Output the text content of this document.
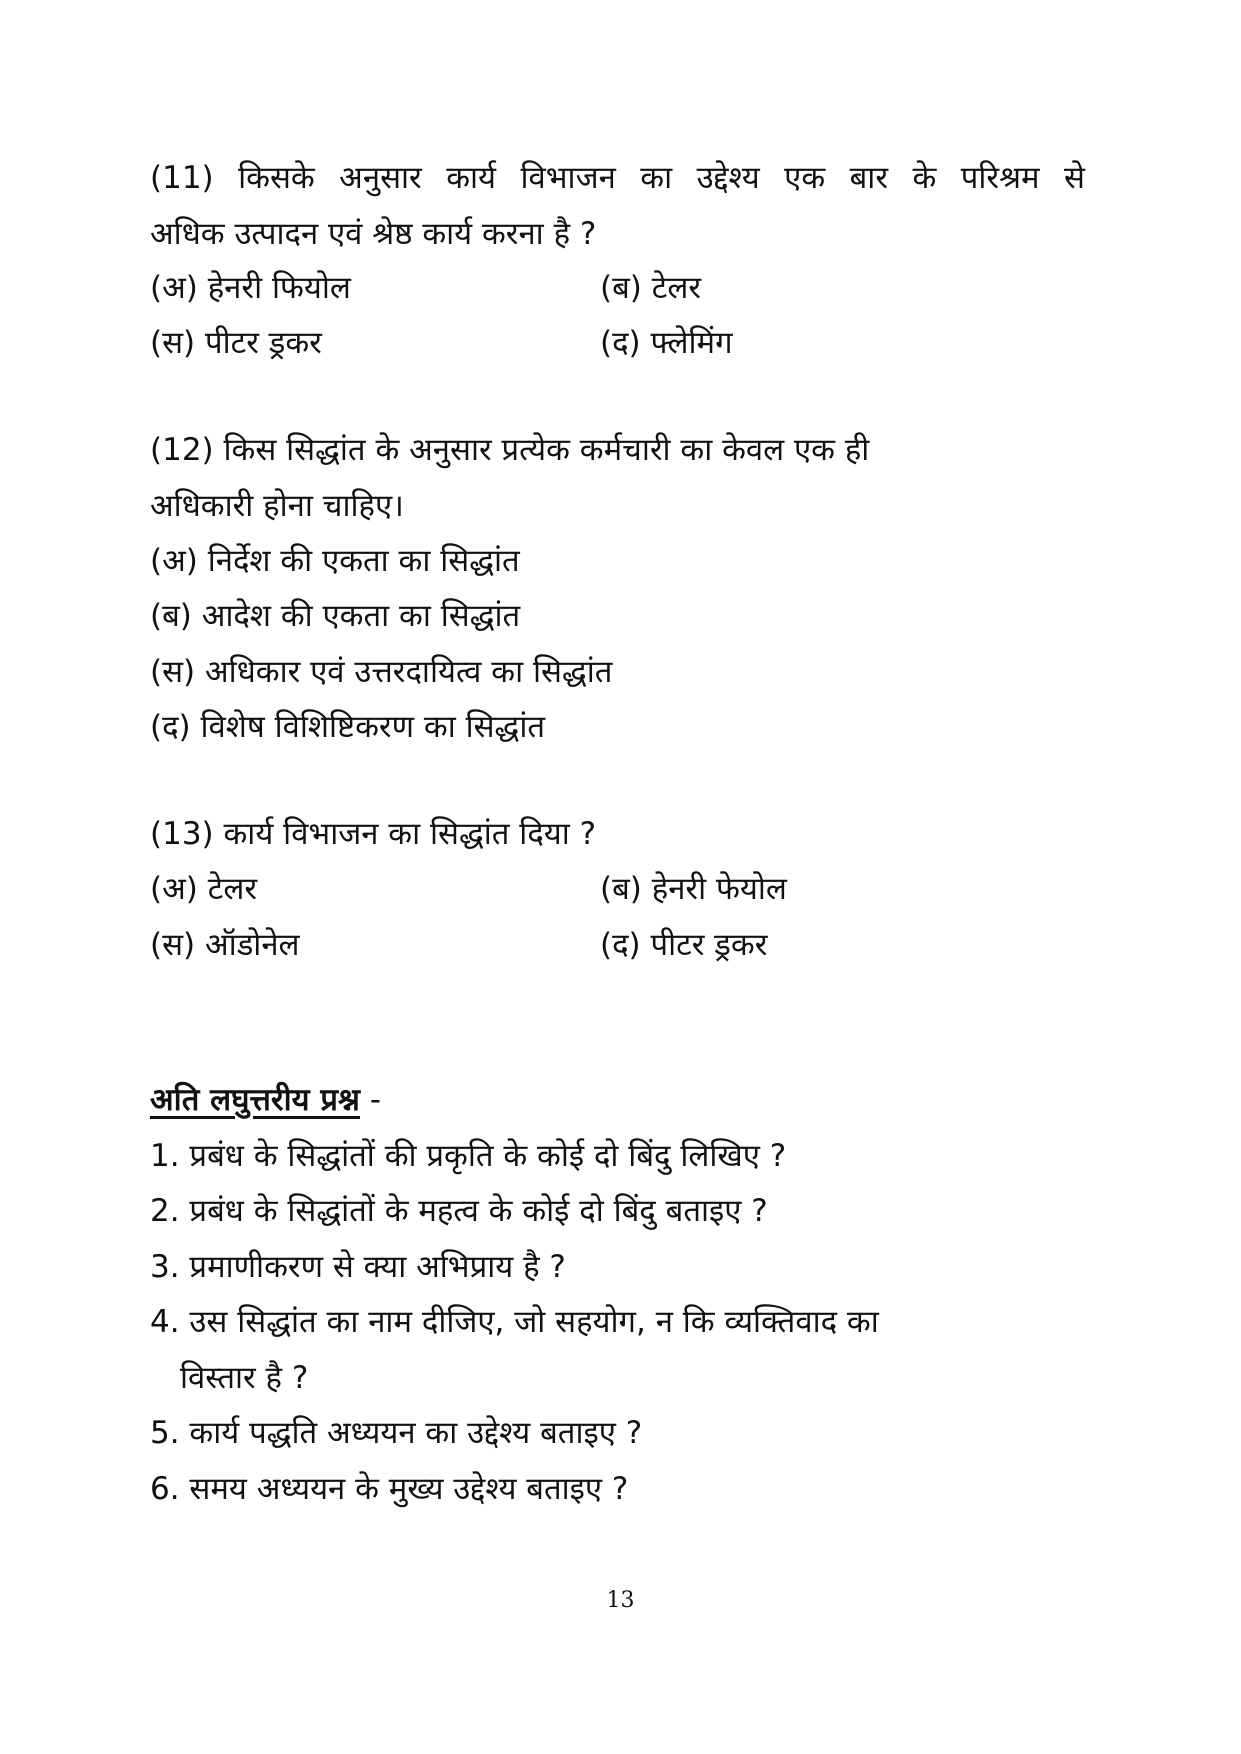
(11) किसके अनुसार कार्य विभाजन का उद्देश्य एक बार के परिश्रम से
अधिक उत्पादन एवं श्रेष्ठ कार्य करना है ?
(अ) हेनरी फियोल	(ब) टेलर
(स) पीटर ड्रकर	(द) फ्लेमिंग
(12) किस सिद्धांत के अनुसार प्रत्येक कर्मचारी का केवल एक ही
अधिकारी होना चाहिए।
(अ) निर्देश की एकता का सिद्धांत
(ब) आदेश की एकता का सिद्धांत
(स) अधिकार एवं उत्तरदायित्व का सिद्धांत
(द) विशेष विशिष्टिकरण का सिद्धांत
(13) कार्य विभाजन का सिद्धांत दिया ?
(अ) टेलर	(ब) हेनरी फेयोल
(स) ऑडोनेल	(द) पीटर ड्रकर
अति लघुत्तरीय प्रश्न -
1. प्रबंध के सिद्धांतों की प्रकृति के कोई दो बिंदु लिखिए ?
2. प्रबंध के सिद्धांतों के महत्व के कोई दो बिंदु बताइए ?
3. प्रमाणीकरण से क्या अभिप्राय है ?
4. उस सिद्धांत का नाम दीजिए, जो सहयोग, न कि व्यक्तिवाद का
विस्तार है ?
5. कार्य पद्धति अध्ययन का उद्देश्य बताइए ?
6. समय अध्ययन के मुख्य उद्देश्य बताइए ?
13
